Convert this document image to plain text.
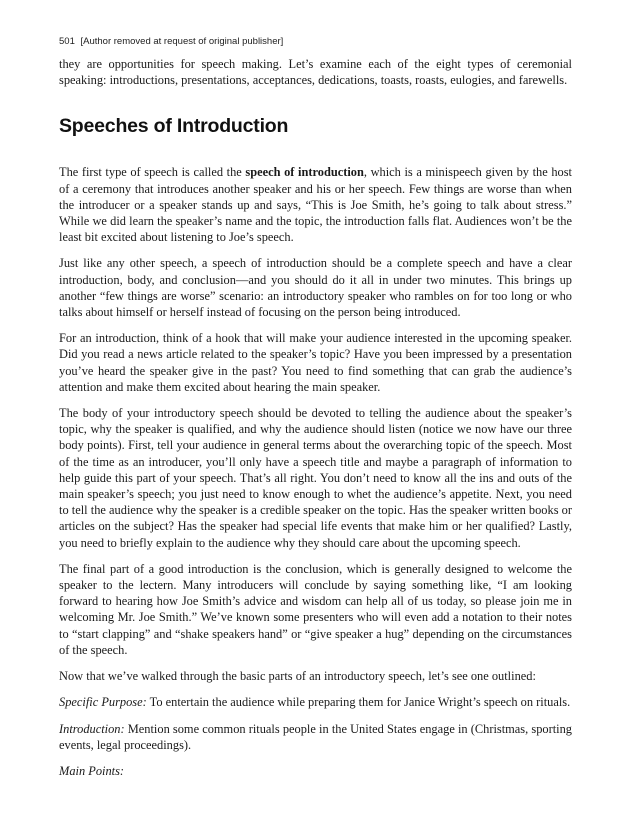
501 [Author removed at request of original publisher]

they are opportunities for speech making. Let’s examine each of the eight types of ceremonial speaking: introductions, presentations, acceptances, dedications, toasts, roasts, eulogies, and farewells.

Speeches of Introduction

The first type of speech is called the speech of introduction, which is a minispeech given by the host of a ceremony that introduces another speaker and his or her speech. Few things are worse than when the introducer or a speaker stands up and says, “This is Joe Smith, he’s going to talk about stress.” While we did learn the speaker’s name and the topic, the introduction falls flat. Audiences won’t be the least bit excited about listening to Joe’s speech.

Just like any other speech, a speech of introduction should be a complete speech and have a clear introduction, body, and conclusion—and you should do it all in under two minutes. This brings up another “few things are worse” scenario: an introductory speaker who rambles on for too long or who talks about himself or herself instead of focusing on the person being introduced.

For an introduction, think of a hook that will make your audience interested in the upcoming speaker. Did you read a news article related to the speaker’s topic? Have you been impressed by a presentation you’ve heard the speaker give in the past? You need to find something that can grab the audience’s attention and make them excited about hearing the main speaker.

The body of your introductory speech should be devoted to telling the audience about the speaker’s topic, why the speaker is qualified, and why the audience should listen (notice we now have our three body points). First, tell your audience in general terms about the overarching topic of the speech. Most of the time as an introducer, you’ll only have a speech title and maybe a paragraph of information to help guide this part of your speech. That’s all right. You don’t need to know all the ins and outs of the main speaker’s speech; you just need to know enough to whet the audience’s appetite. Next, you need to tell the audience why the speaker is a credible speaker on the topic. Has the speaker written books or articles on the subject? Has the speaker had special life events that make him or her qualified? Lastly, you need to briefly explain to the audience why they should care about the upcoming speech.

The final part of a good introduction is the conclusion, which is generally designed to welcome the speaker to the lectern. Many introducers will conclude by saying something like, “I am looking forward to hearing how Joe Smith’s advice and wisdom can help all of us today, so please join me in welcoming Mr. Joe Smith.” We’ve known some presenters who will even add a notation to their notes to “start clapping” and “shake speakers hand” or “give speaker a hug” depending on the circumstances of the speech.

Now that we’ve walked through the basic parts of an introductory speech, let’s see one outlined:

Specific Purpose: To entertain the audience while preparing them for Janice Wright’s speech on rituals.

Introduction: Mention some common rituals people in the United States engage in (Christmas, sporting events, legal proceedings).

Main Points:
